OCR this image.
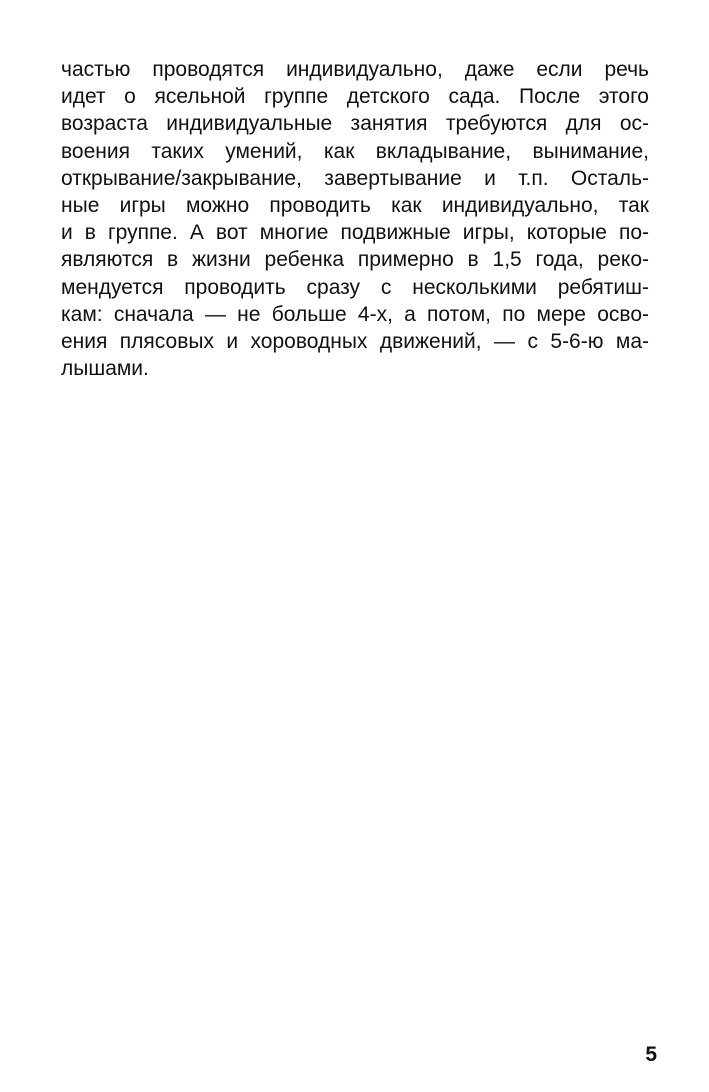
частью проводятся индивидуально, даже если речь
идет о ясельной группе детского сада. После этого
возраста индивидуальные занятия требуются для ос-
воения таких умений, как вкладывание, вынимание,
открывание/закрывание, завертывание и т.п. Осталь-
ные игры можно проводить как индивидуально, так
и в группе. А вот многие подвижные игры, которые по-
являются в жизни ребенка примерно в 1,5 года, реко-
мендуется проводить сразу с несколькими ребятиш-
кам: сначала — не больше 4-х, а потом, по мере осво-
ения плясовых и хороводных движений, — с 5-6-ю ма-
лышами.
5
